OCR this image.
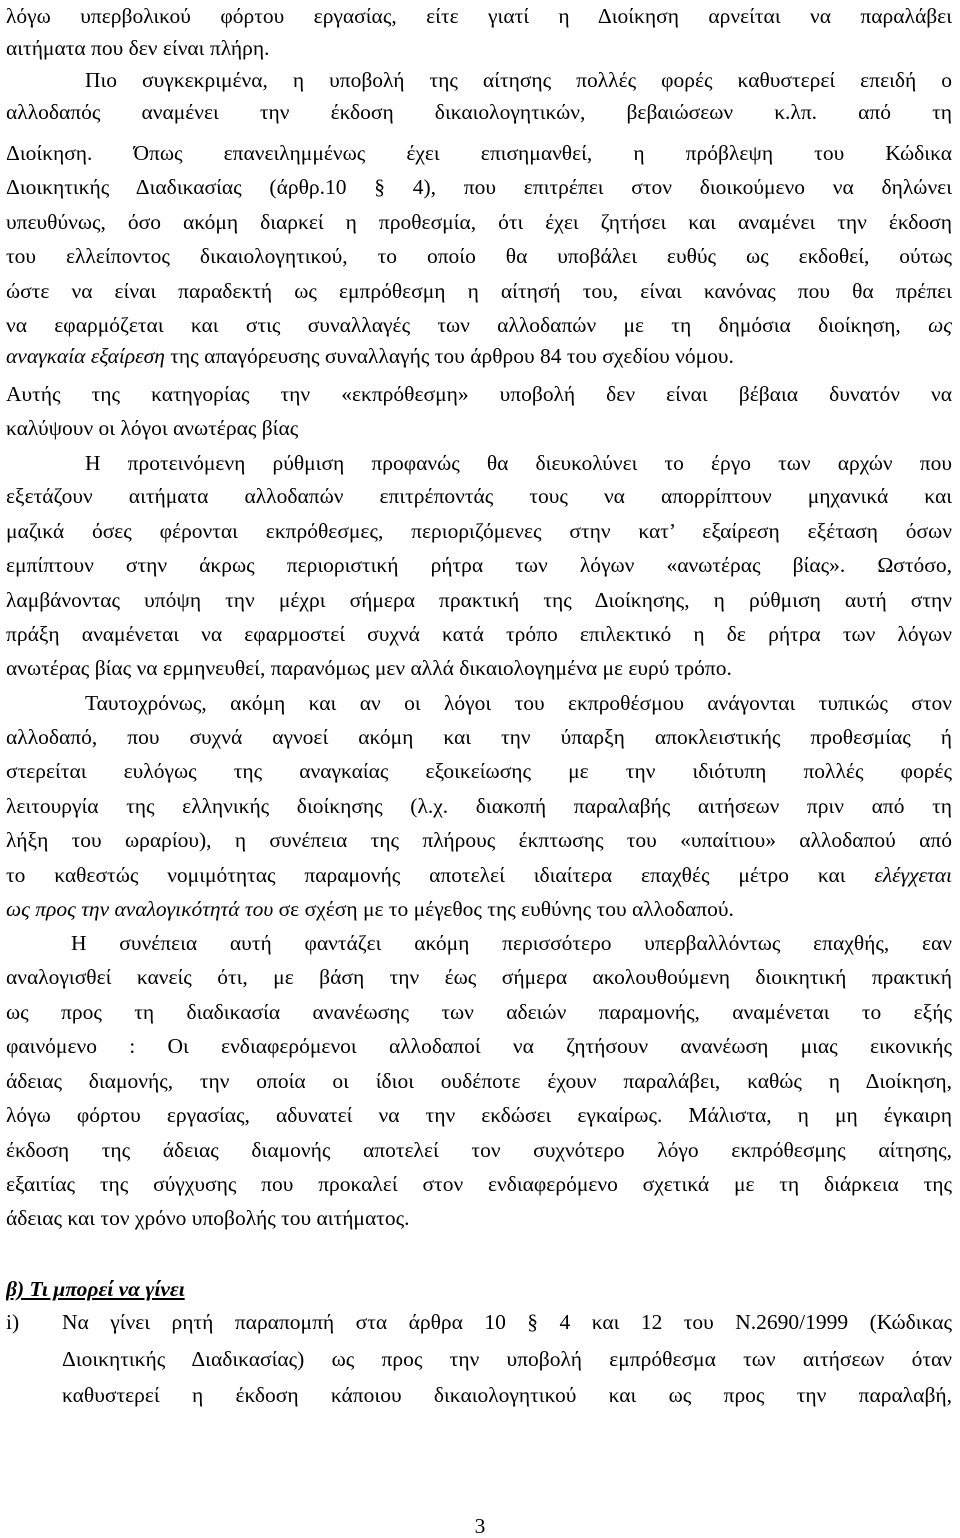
λόγω υπερβολικού φόρτου εργασίας, είτε γιατί η Διοίκηση αρνείται να παραλάβει
αιτήματα που δεν είναι πλήρη.
Πιο συγκεκριμένα, η υποβολή της αίτησης πολλές φορές καθυστερεί επειδή ο
αλλοδαπός αναμένει την έκδοση δικαιολογητικών, βεβαιώσεων κ.λπ. από τη
Διοίκηση. Όπως επανειλημμένως έχει επισημανθεί, η πρόβλεψη του Κώδικα
Διοικητικής Διαδικασίας (άρθρ.10 § 4), που επιτρέπει στον διοικούμενο να δηλώνει
υπευθύνως, όσο ακόμη διαρκεί η προθεσμία, ότι έχει ζητήσει και αναμένει την έκδοση
του ελλείποντος δικαιολογητικού, το οποίο θα υποβάλει ευθύς ως εκδοθεί, ούτως
ώστε να είναι παραδεκτή ως εμπρόθεσμη η αίτησή του, είναι κανόνας που θα πρέπει
να εφαρμόζεται και στις συναλλαγές των αλλοδαπών με τη δημόσια διοίκηση, ως
αναγκαία εξαίρεση της απαγόρευσης συναλλαγής του άρθρου 84 του σχεδίου νόμου.
Αυτής της κατηγορίας την «εκπρόθεσμη» υποβολή δεν είναι βέβαια δυνατόν να
καλύψουν οι λόγοι ανωτέρας βίας
Η προτεινόμενη ρύθμιση προφανώς θα διευκολύνει το έργο των αρχών που
εξετάζουν αιτήματα αλλοδαπών επιτρέποντάς τους να απορρίπτουν μηχανικά και
μαζικά όσες φέρονται εκπρόθεσμες, περιοριζόμενες στην κατ’ εξαίρεση εξέταση όσων
εμπίπτουν στην άκρως περιοριστική ρήτρα των λόγων «ανωτέρας βίας». Ωστόσο,
λαμβάνοντας υπόψη την μέχρι σήμερα πρακτική της Διοίκησης, η ρύθμιση αυτή στην
πράξη αναμένεται να εφαρμοστεί συχνά κατά τρόπο επιλεκτικό η δε ρήτρα των λόγων
ανωτέρας βίας να ερμηνευθεί, παρανόμως μεν αλλά δικαιολογημένα με ευρύ τρόπο.
Ταυτοχρόνως, ακόμη και αν οι λόγοι του εκπροθέσμου ανάγονται τυπικώς στον
αλλοδαπό, που συχνά αγνοεί ακόμη και την ύπαρξη αποκλειστικής προθεσμίας ή
στερείται ευλόγως της αναγκαίας εξοικείωσης με την ιδιότυπη πολλές φορές
λειτουργία της ελληνικής διοίκησης (λ.χ. διακοπή παραλαβής αιτήσεων πριν από τη
λήξη του ωραρίου), η συνέπεια της πλήρους έκπτωσης του «υπαίτιου» αλλοδαπού από
το καθεστώς νομιμότητας παραμονής αποτελεί ιδιαίτερα επαχθές μέτρο και ελέγχεται
ως προς την αναλογικότητά του σε σχέση με το μέγεθος της ευθύνης του αλλοδαπού.
Η συνέπεια αυτή φαντάζει ακόμη περισσότερο υπερβαλλόντως επαχθής, εαν
αναλογισθεί κανείς ότι, με βάση την έως σήμερα ακολουθούμενη διοικητική πρακτική
ως προς τη διαδικασία ανανέωσης των αδειών παραμονής, αναμένεται το εξής
φαινόμενο : Οι ενδιαφερόμενοι αλλοδαποί να ζητήσουν ανανέωση μιας εικονικής
άδειας διαμονής, την οποία οι ίδιοι ουδέποτε έχουν παραλάβει, καθώς η Διοίκηση,
λόγω φόρτου εργασίας, αδυνατεί να την εκδώσει εγκαίρως. Μάλιστα, η μη έγκαιρη
έκδοση της άδειας διαμονής αποτελεί τον συχνότερο λόγο εκπρόθεσμης αίτησης,
εξαιτίας της σύγχυσης που προκαλεί στον ενδιαφερόμενο σχετικά με τη διάρκεια της
άδειας και τον χρόνο υποβολής του αιτήματος.
β) Τι μπορεί να γίνει
i) Να γίνει ρητή παραπομπή στα άρθρα 10 § 4 και 12 του Ν.2690/1999 (Κώδικας
Διοικητικής Διαδικασίας) ως προς την υποβολή εμπρόθεσμα των αιτήσεων όταν
καθυστερεί η έκδοση κάποιου δικαιολογητικού και ως προς την παραλαβή,
3
